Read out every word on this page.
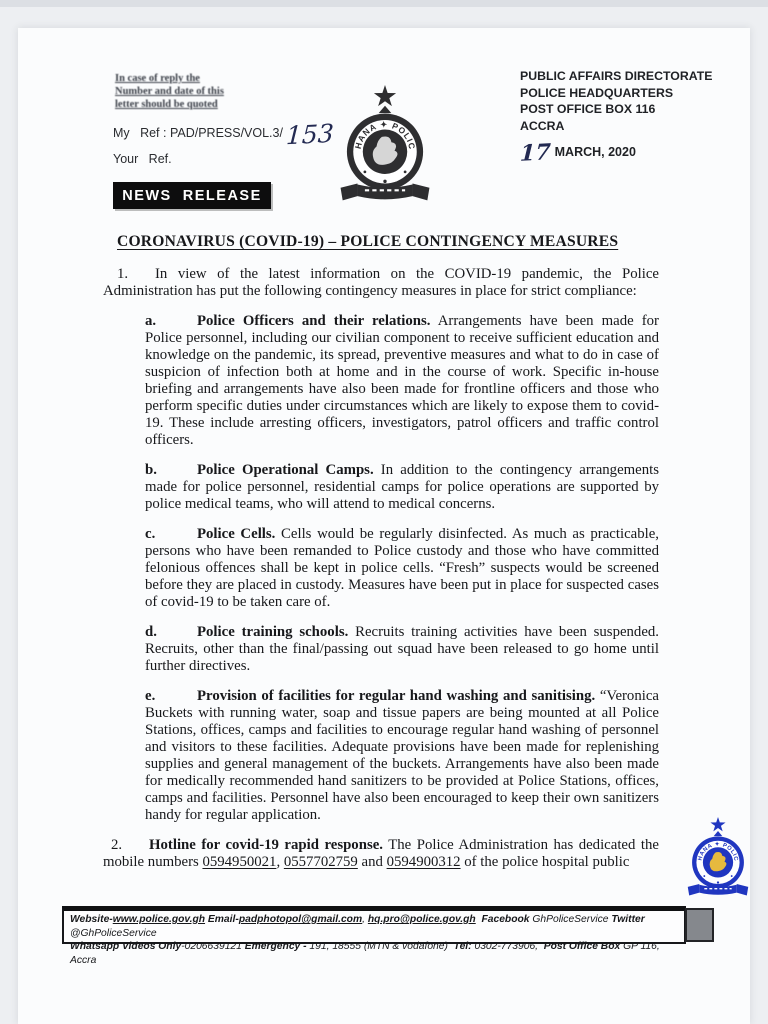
In case of reply the
Number and date of this
letter should be quoted
My   Ref : PAD/PRESS/VOL.3/153
Your   Ref.
PUBLIC AFFAIRS DIRECTORATE
POLICE HEADQUARTERS
POST OFFICE BOX 116
ACCRA
17 MARCH, 2020
NEWS  RELEASE
CORONAVIRUS (COVID-19) – POLICE CONTINGENCY MEASURES

1. In view of the latest information on the COVID-19 pandemic, the Police Administration has put the following contingency measures in place for strict compliance:

a.	Police Officers and their relations. Arrangements have been made for Police personnel, including our civilian component to receive sufficient education and knowledge on the pandemic, its spread, preventive measures and what to do in case of suspicion of infection both at home and in the course of work. Specific in-house briefing and arrangements have also been made for frontline officers and those who perform specific duties under circumstances which are likely to expose them to covid-19. These include arresting officers, investigators, patrol officers and traffic control officers.

b.	Police Operational Camps. In addition to the contingency arrangements made for police personnel, residential camps for police operations are supported by police medical teams, who will attend to medical concerns.

c.	Police Cells. Cells would be regularly disinfected. As much as practicable, persons who have been remanded to Police custody and those who have committed felonious offences shall be kept in police cells. “Fresh” suspects would be screened before they are placed in custody. Measures have been put in place for suspected cases of covid-19 to be taken care of.

d.	Police training schools. Recruits training activities have been suspended. Recruits, other than the final/passing out squad have been released to go home until further directives.

e.	Provision of facilities for regular hand washing and sanitising. “Veronica Buckets with running water, soap and tissue papers are being mounted at all Police Stations, offices, camps and facilities to encourage regular hand washing of personnel and visitors to these facilities. Adequate provisions have been made for replenishing supplies and general management of the buckets. Arrangements have also been made for medically recommended hand sanitizers to be provided at Police Stations, offices, camps and facilities. Personnel have also been encouraged to keep their own sanitizers handy for regular application.

2. Hotline for covid-19 rapid response. The Police Administration has dedicated the mobile numbers 0594950021, 0557702759 and 0594900312 of the police hospital public

Website-www.police.gov.gh Email-padphotopol@gmail.com, hq.pro@police.gov.gh  Facebook GhPoliceService Twitter @GhPoliceService
Whatsapp Videos Only-0206639121 Emergency - 191, 18555 (MTN & vodafone)  Tel: 0302-773906,  Post Office Box GP 116, Accra
